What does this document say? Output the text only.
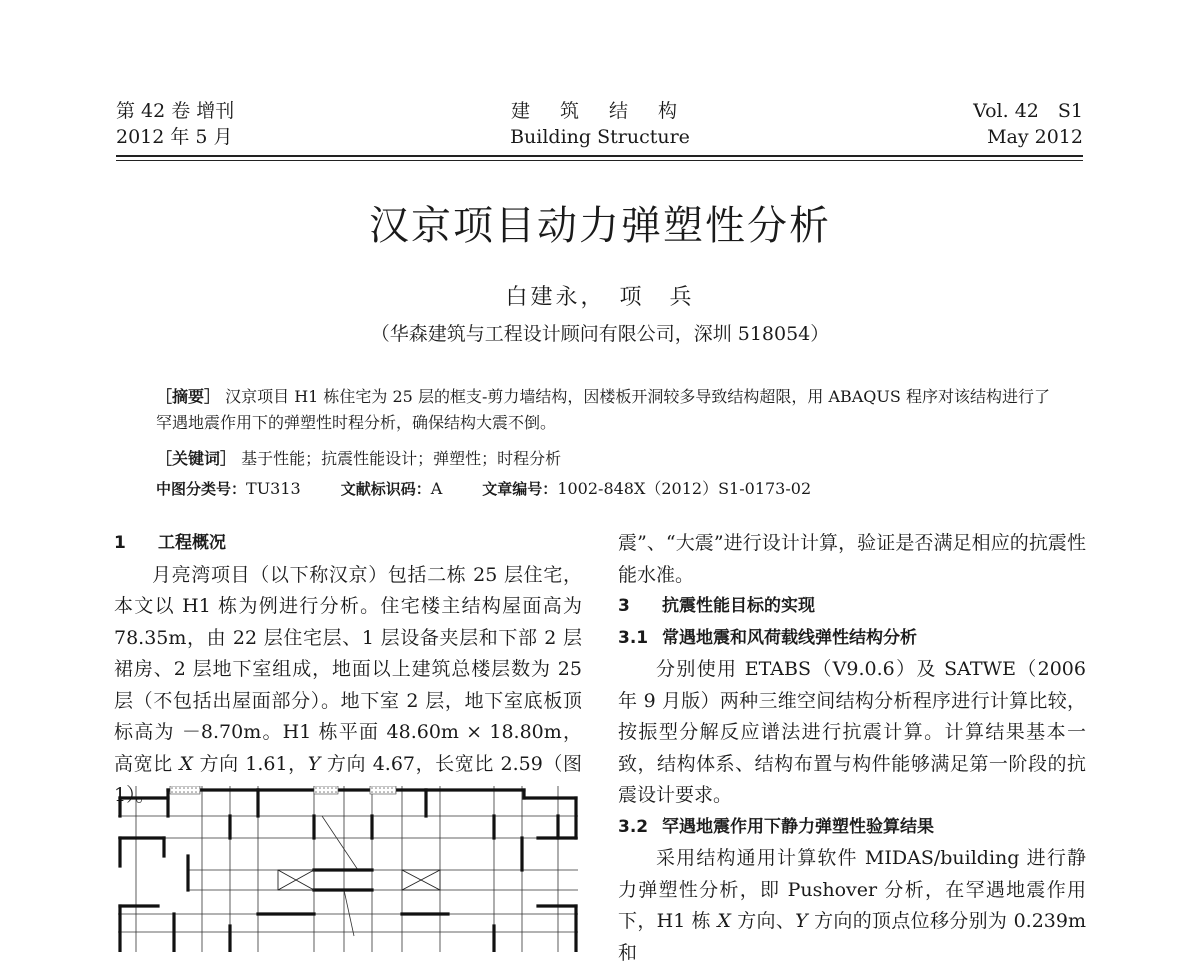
第 42 卷 增刊
2012 年 5 月
建 筑 结 构
Building Structure
Vol. 42　S1
May 2012
汉京项目动力弹塑性分析
白建永，　项　兵
（华森建筑与工程设计顾问有限公司，深圳 518054）
［摘要］ 汉京项目 H1 栋住宅为 25 层的框支-剪力墙结构，因楼板开洞较多导致结构超限，用 ABAQUS 程序对该结构进行了罕遇地震作用下的弹塑性时程分析，确保结构大震不倒。
［关键词］ 基于性能；抗震性能设计；弹塑性；时程分析
中图分类号：TU313	文献标识码：A	文章编号：1002-848X（2012）S1-0173-02
1 工程概况

月亮湾项目（以下称汉京）包括二栋 25 层住宅，本文以 H1 栋为例进行分析。住宅楼主结构屋面高为 78.35m，由 22 层住宅层、1 层设备夹层和下部 2 层裙房、2 层地下室组成，地面以上建筑总楼层数为 25 层（不包括出屋面部分）。地下室 2 层，地下室底板顶标高为 －8.70m。H1 栋平面 48.60m × 18.80m，高宽比 X 方向 1.61，Y 方向 4.67，长宽比 2.59（图 1）。

震”、“大震”进行设计计算，验证是否满足相应的抗震性能水准。

3 抗震性能目标的实现
3.1 常遇地震和风荷载线弹性结构分析

分别使用 ETABS（V9.0.6）及 SATWE（2006 年 9 月版）两种三维空间结构分析程序进行计算比较，按振型分解反应谱法进行抗震计算。计算结果基本一致，结构体系、结构布置与构件能够满足第一阶段的抗震设计要求。

3.2 罕遇地震作用下静力弹塑性验算结果

采用结构通用计算软件 MIDAS/building 进行静力弹塑性分析，即 Pushover 分析，在罕遇地震作用下，H1 栋 X 方向、Y 方向的顶点位移分别为 0.239m 和
